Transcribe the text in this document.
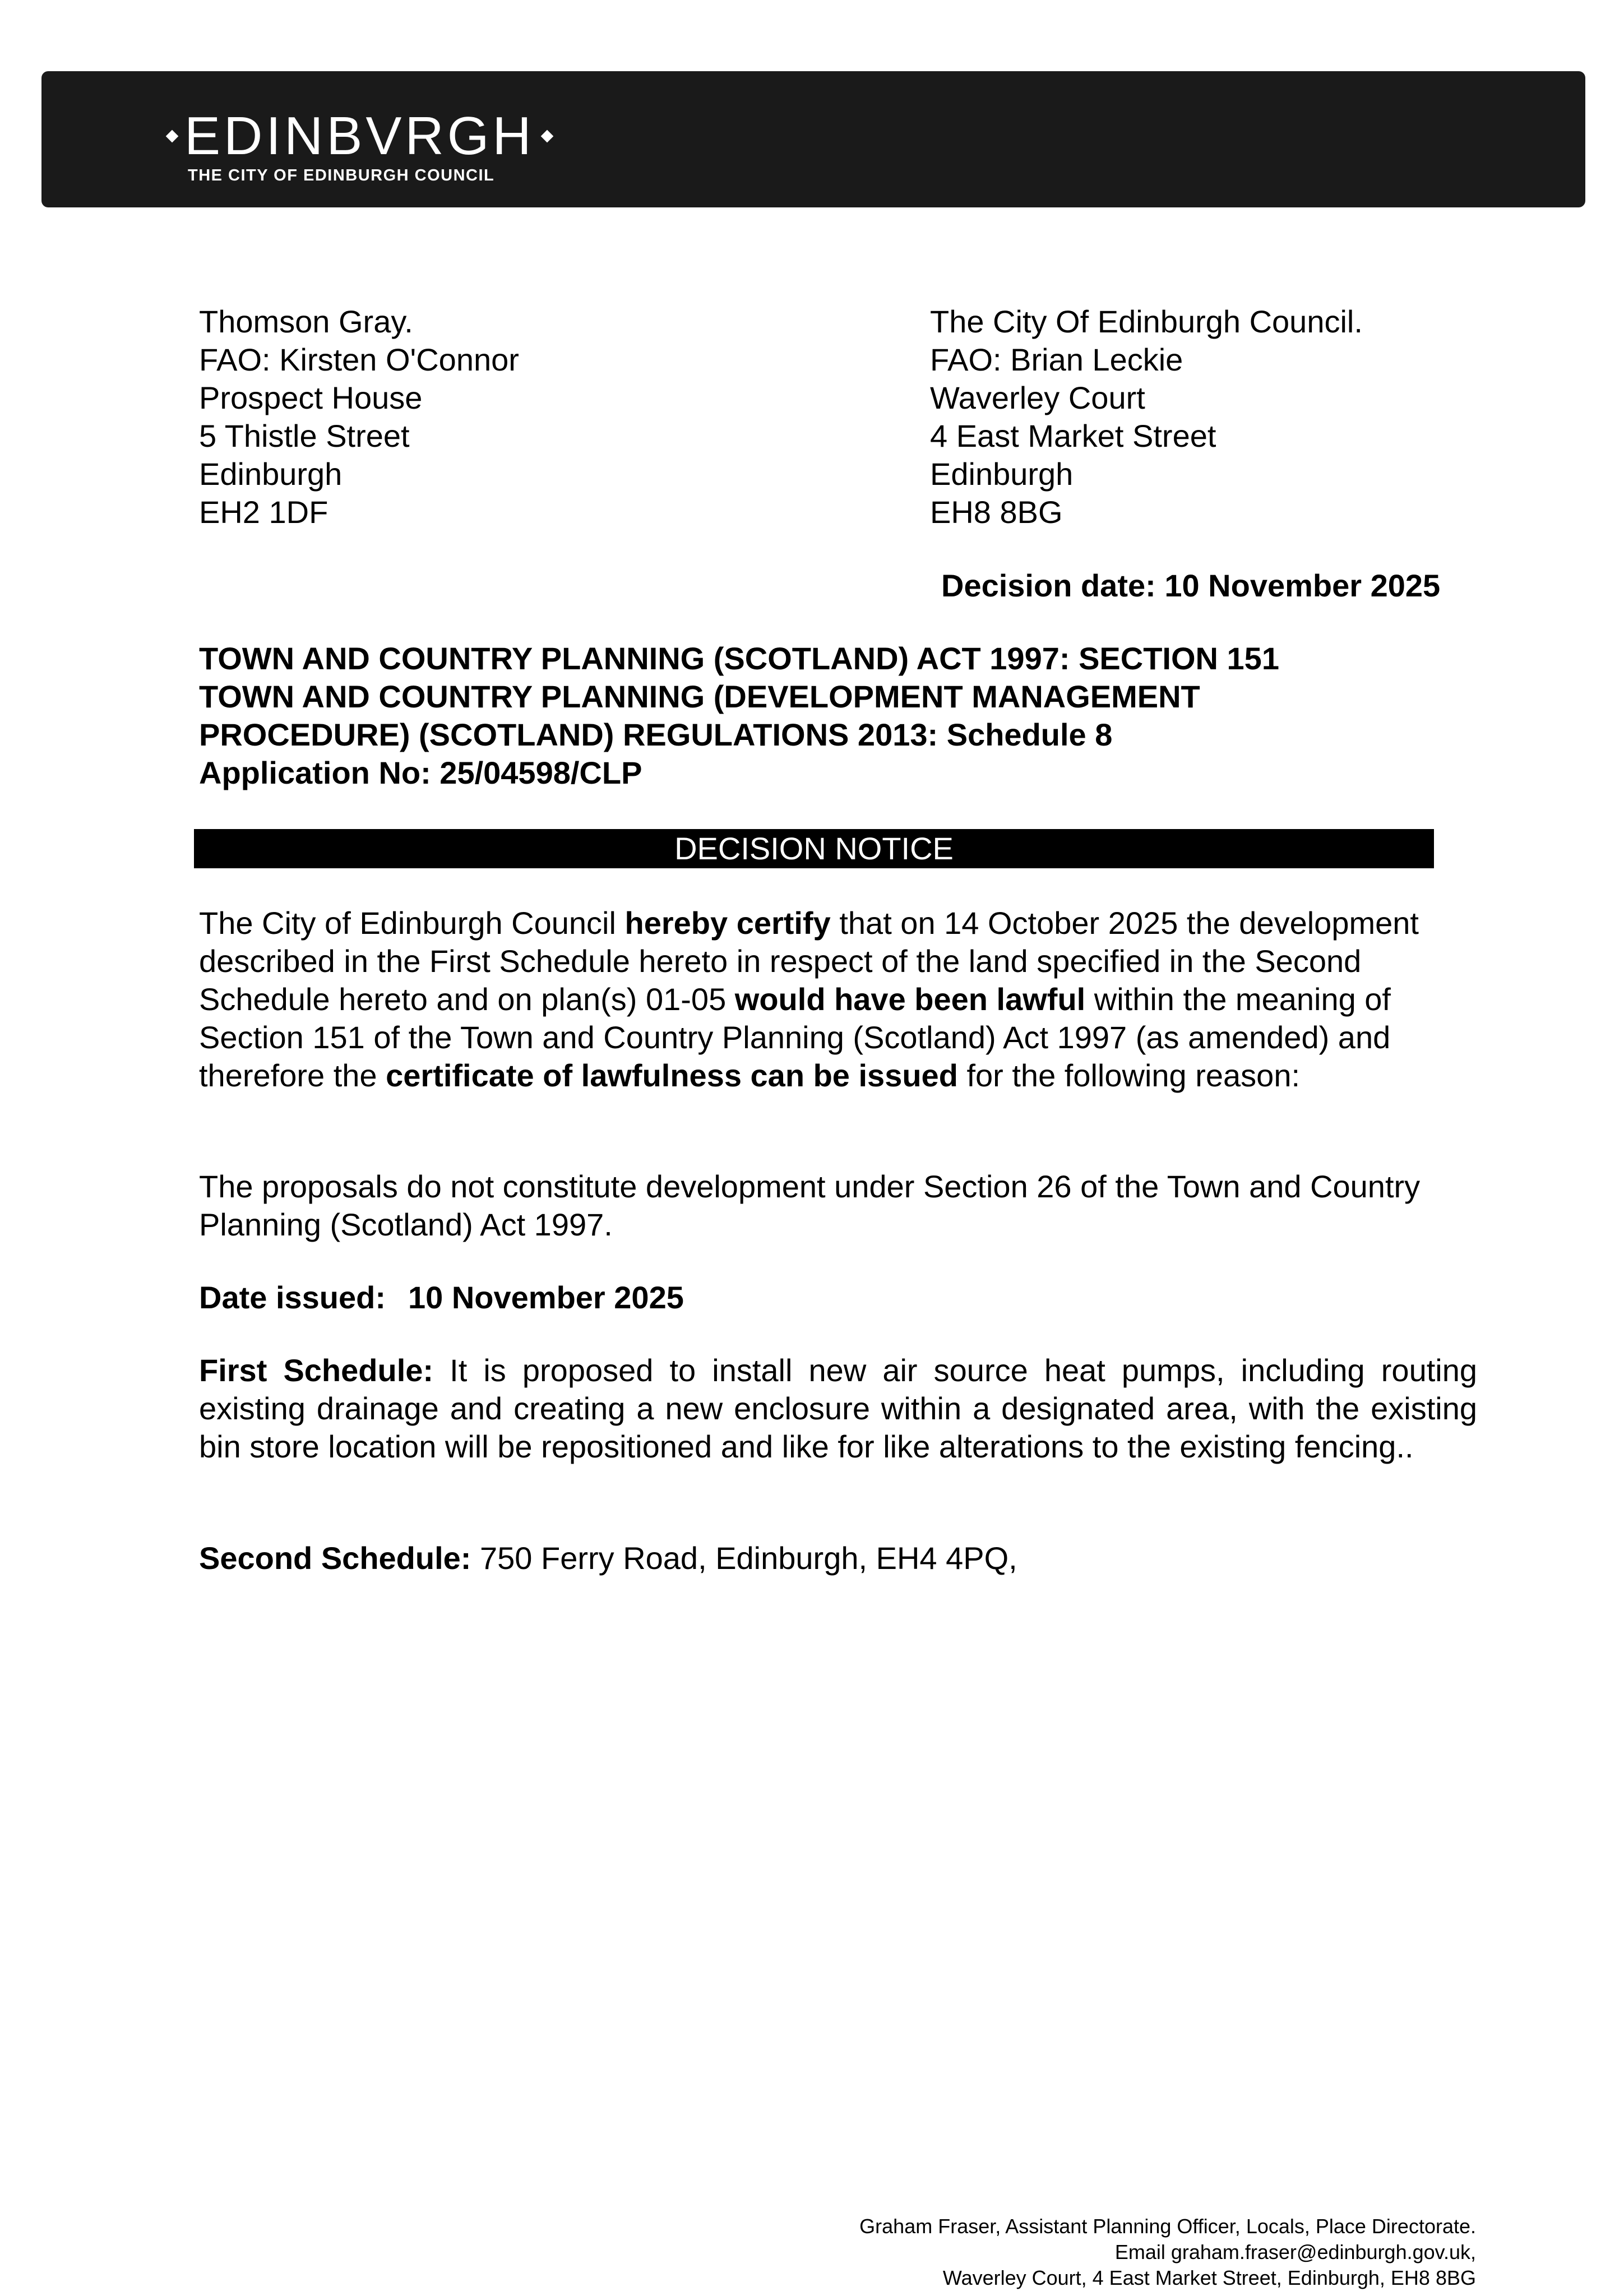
EDINBVRGH
THE CITY OF EDINBURGH COUNCIL
Thomson Gray.
FAO: Kirsten O'Connor
Prospect House
5 Thistle Street
Edinburgh
EH2 1DF
The City Of Edinburgh Council.
FAO: Brian Leckie
Waverley Court
4 East Market Street
Edinburgh
EH8 8BG
Decision date: 10 November 2025
TOWN AND COUNTRY PLANNING (SCOTLAND) ACT 1997: SECTION 151
TOWN AND COUNTRY PLANNING (DEVELOPMENT MANAGEMENT
PROCEDURE) (SCOTLAND) REGULATIONS 2013: Schedule 8
Application No: 25/04598/CLP
DECISION NOTICE
The City of Edinburgh Council hereby certify that on 14 October 2025 the development described in the First Schedule hereto in respect of the land specified in the Second Schedule hereto and on plan(s) 01-05 would have been lawful within the meaning of Section 151 of the Town and Country Planning (Scotland) Act 1997 (as amended) and therefore the certificate of lawfulness can be issued for the following reason:
The proposals do not constitute development under Section 26 of the Town and Country Planning (Scotland) Act 1997.
Date issued: 10 November 2025
First Schedule: It is proposed to install new air source heat pumps, including routing existing drainage and creating a new enclosure within a designated area, with the existing bin store location will be repositioned and like for like alterations to the existing fencing..
Second Schedule: 750 Ferry Road, Edinburgh, EH4 4PQ,
Graham Fraser, Assistant Planning Officer, Locals, Place Directorate.
Email graham.fraser@edinburgh.gov.uk,
Waverley Court, 4 East Market Street, Edinburgh, EH8 8BG
